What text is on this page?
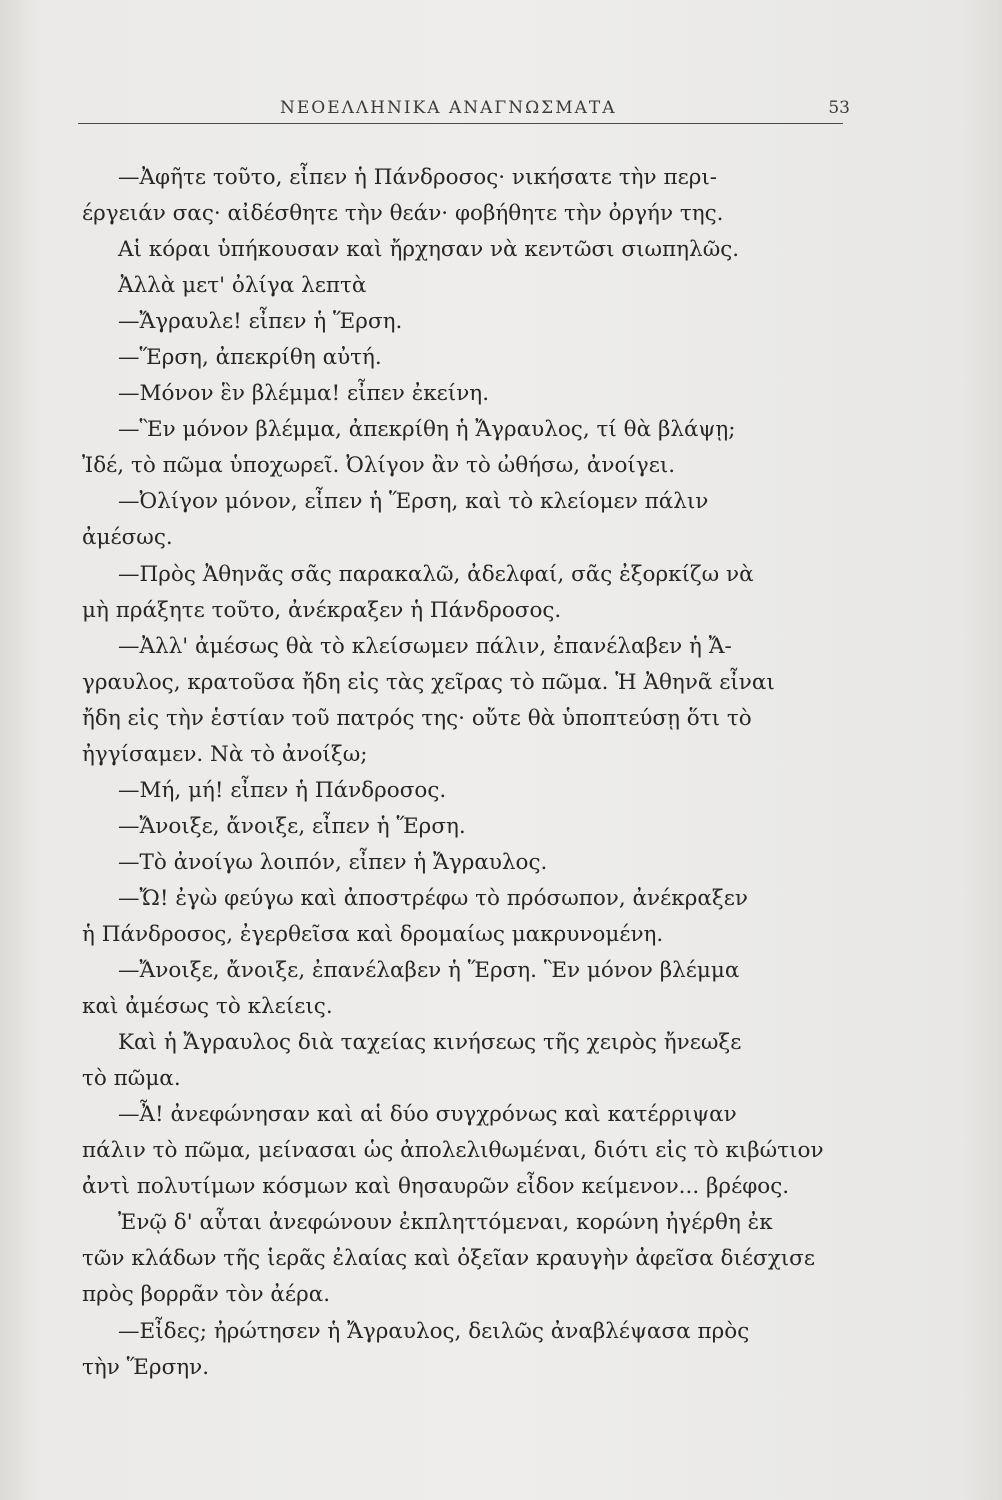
ΝΕΟΕΛΛΗΝΙΚΑ ΑΝΑΓΝΩΣΜΑΤΑ	53
—Ἀφῆτε τοῦτο, εἶπεν ἡ Πάνδροσος· νικήσατε τὴν περι-
έργειάν σας· αἰδέσθητε τὴν θεάν· φοβήθητε τὴν ὀργήν της.
Αἱ κόραι ὑπήκουσαν καὶ ἤρχησαν νὰ κεντῶσι σιωπηλῶς.
Ἀλλὰ μετ' ὀλίγα λεπτὰ
—Ἄγραυλε! εἶπεν ἡ Ἕρση.
—Ἕρση, ἀπεκρίθη αὐτή.
—Μόνον ἓν βλέμμα! εἶπεν ἐκείνη.
—Ἓν μόνον βλέμμα, ἀπεκρίθη ἡ Ἄγραυλος, τί θὰ βλάψῃ;
Ἰδέ, τὸ πῶμα ὑποχωρεῖ. Ὀλίγον ἂν τὸ ὠθήσω, ἀνοίγει.
—Ὀλίγον μόνον, εἶπεν ἡ Ἕρση, καὶ τὸ κλείομεν πάλιν
ἀμέσως.
—Πρὸς Ἀθηνᾶς σᾶς παρακαλῶ, ἀδελφαί, σᾶς ἐξορκίζω νὰ
μὴ πράξητε τοῦτο, ἀνέκραξεν ἡ Πάνδροσος.
—Ἀλλ' ἀμέσως θὰ τὸ κλείσωμεν πάλιν, ἐπανέλαβεν ἡ Ἄ-
γραυλος, κρατοῦσα ἤδη εἰς τὰς χεῖρας τὸ πῶμα. Ἡ Ἀθηνᾶ εἶναι
ἤδη εἰς τὴν ἑστίαν τοῦ πατρός της· οὔτε θὰ ὑποπτεύσῃ ὅτι τὸ
ἠγγίσαμεν. Νὰ τὸ ἀνοίξω;
—Μή, μή! εἶπεν ἡ Πάνδροσος.
—Ἄνοιξε, ἄνοιξε, εἶπεν ἡ Ἕρση.
—Τὸ ἀνοίγω λοιπόν, εἶπεν ἡ Ἄγραυλος.
—Ὤ! ἐγὼ φεύγω καὶ ἀποστρέφω τὸ πρόσωπον, ἀνέκραξεν
ἡ Πάνδροσος, ἐγερθεῖσα καὶ δρομαίως μακρυνομένη.
—Ἄνοιξε, ἄνοιξε, ἐπανέλαβεν ἡ Ἕρση. Ἓν μόνον βλέμμα
καὶ ἀμέσως τὸ κλείεις.
Καὶ ἡ Ἄγραυλος διὰ ταχείας κινήσεως τῆς χειρὸς ἤνεωξε
τὸ πῶμα.
—Ἆ! ἀνεφώνησαν καὶ αἱ δύο συγχρόνως καὶ κατέρριψαν
πάλιν τὸ πῶμα, μείνασαι ὡς ἀπολελιθωμέναι, διότι εἰς τὸ κιβώτιον
ἀντὶ πολυτίμων κόσμων καὶ θησαυρῶν εἶδον κείμενον... βρέφος.
Ἐνῷ δ' αὗται ἀνεφώνουν ἐκπληττόμεναι, κορώνη ἠγέρθη ἐκ
τῶν κλάδων τῆς ἱερᾶς ἐλαίας καὶ ὀξεῖαν κραυγὴν ἀφεῖσα διέσχισε
πρὸς βορρᾶν τὸν ἀέρα.
—Εἶδες; ἠρώτησεν ἡ Ἄγραυλος, δειλῶς ἀναβλέψασα πρὸς
τὴν Ἕρσην.
